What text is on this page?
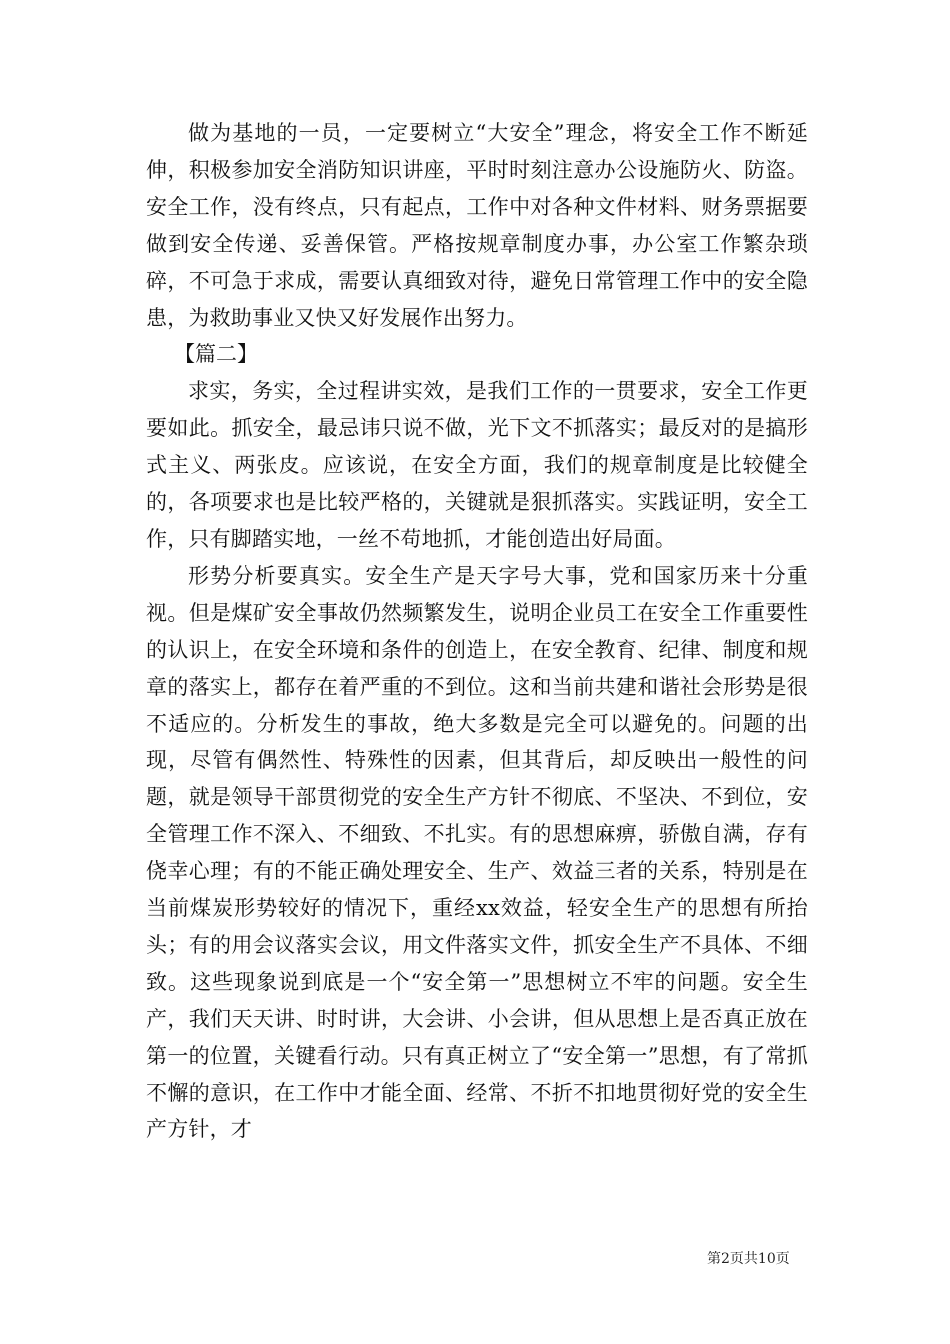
做为基地的一员，一定要树立“大安全”理念，将安全工作不断延伸，积极参加安全消防知识讲座，平时时刻注意办公设施防火、防盗。安全工作，没有终点，只有起点，工作中对各种文件材料、财务票据要做到安全传递、妥善保管。严格按规章制度办事，办公室工作繁杂琐碎，不可急于求成，需要认真细致对待，避免日常管理工作中的安全隐患，为救助事业又快又好发展作出努力。

【篇二】

求实，务实，全过程讲实效，是我们工作的一贯要求，安全工作更要如此。抓安全，最忌讳只说不做，光下文不抓落实；最反对的是搞形式主义、两张皮。应该说，在安全方面，我们的规章制度是比较健全的，各项要求也是比较严格的，关键就是狠抓落实。实践证明，安全工作，只有脚踏实地，一丝不苟地抓，才能创造出好局面。

形势分析要真实。安全生产是天字号大事，党和国家历来十分重视。但是煤矿安全事故仍然频繁发生，说明企业员工在安全工作重要性的认识上，在安全环境和条件的创造上，在安全教育、纪律、制度和规章的落实上，都存在着严重的不到位。这和当前共建和谐社会形势是很不适应的。分析发生的事故，绝大多数是完全可以避免的。问题的出现，尽管有偶然性、特殊性的因素，但其背后，却反映出一般性的问题，就是领导干部贯彻党的安全生产方针不彻底、不坚决、不到位，安全管理工作不深入、不细致、不扎实。有的思想麻痹，骄傲自满，存有侥幸心理；有的不能正确处理安全、生产、效益三者的关系，特别是在当前煤炭形势较好的情况下，重经xx效益，轻安全生产的思想有所抬头；有的用会议落实会议，用文件落实文件，抓安全生产不具体、不细致。这些现象说到底是一个“安全第一”思想树立不牢的问题。安全生产，我们天天讲、时时讲，大会讲、小会讲，但从思想上是否真正放在第一的位置，关键看行动。只有真正树立了“安全第一”思想，有了常抓不懈的意识，在工作中才能全面、经常、不折不扣地贯彻好党的安全生产方针，才

第2页共10页
